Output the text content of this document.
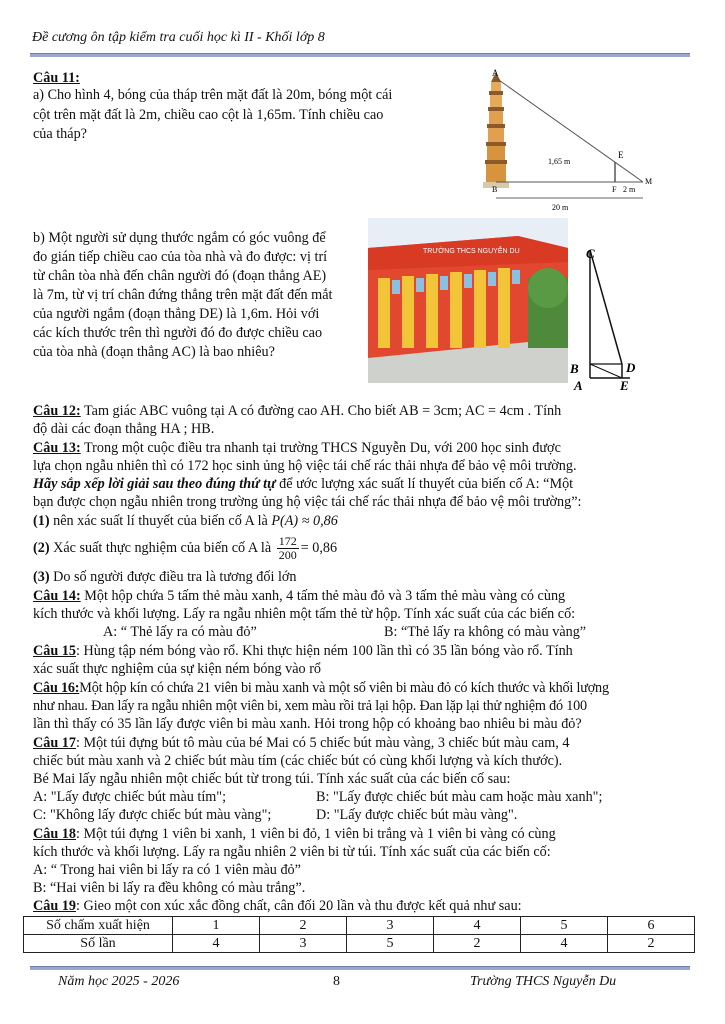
Đề cương ôn tập kiểm tra cuối học kì II - Khối lớp 8
Câu 11:
a) Cho hình 4, bóng của tháp trên mặt đất là 20m, bóng một cái
cột trên mặt đất là 2m, chiều cao cột là 1,65m. Tính chiều cao
của tháp?
A
E
1,65 m
B	F 2 m
M
20 m
b) Một người sử dụng thước ngắm có góc vuông để
đo gián tiếp chiều cao của tòa nhà và đo được: vị trí
từ chân tòa nhà đến chân người đó (đoạn thẳng AE)
là 7m, từ vị trí chân đứng thẳng trên mặt đất đến mắt
của người ngắm (đoạn thẳng DE) là 1,6m. Hỏi với
các kích thước trên thì người đó đo được chiều cao
của tòa nhà (đoạn thẳng AC) là bao nhiêu?
TRƯỜNG THCS NGUYỄN DU	C
B	D
A	E
Câu 12: Tam giác ABC vuông tại A có đường cao AH. Cho biết AB = 3cm; AC = 4cm . Tính
độ dài các đoạn thẳng HA ; HB.
Câu 13: Trong một cuộc điều tra nhanh tại trường THCS Nguyễn Du, với 200 học sinh được
lựa chọn ngẫu nhiên thì có 172 học sinh ủng hộ việc tái chế rác thải nhựa để bảo vệ môi trường.
Hãy sắp xếp lời giải sau theo đúng thứ tự để ước lượng xác suất lí thuyết của biến cố A: “Một
bạn được chọn ngẫu nhiên trong trường ủng hộ việc tái chế rác thải nhựa để bảo vệ môi trường”:
(1) nên xác suất lí thuyết của biến cố A là P(A) ≈ 0,86
(2) Xác suất thực nghiệm của biến cố A là $\frac{172}{200} = 0,86$
(3) Do số người được điều tra là tương đối lớn
Câu 14: Một hộp chứa 5 tấm thẻ màu xanh, 4 tấm thẻ màu đỏ và 3 tấm thẻ màu vàng có cùng
kích thước và khối lượng. Lấy ra ngẫu nhiên một tấm thẻ từ hộp. Tính xác suất của các biến cố:
A: “ Thẻ lấy ra có màu đỏ”	B: “Thẻ lấy ra không có màu vàng”
Câu 15: Hùng tập ném bóng vào rổ. Khi thực hiện ném 100 lần thì có 35 lần bóng vào rổ. Tính
xác suất thực nghiệm của sự kiện ném bóng vào rổ
Câu 16:Một hộp kín có chứa 21 viên bi màu xanh và một số viên bi màu đỏ có kích thước và khối lượng
như nhau. Đan lấy ra ngẫu nhiên một viên bi, xem màu rồi trả lại hộp. Đan lặp lại thử nghiệm đó 100
lần thì thấy có 35 lần lấy được viên bi màu xanh. Hỏi trong hộp có khoảng bao nhiêu bi màu đỏ?
Câu 17: Một túi đựng bút tô màu của bé Mai có 5 chiếc bút màu vàng, 3 chiếc bút màu cam, 4
chiếc bút màu xanh và 2 chiếc bút màu tím (các chiếc bút có cùng khối lượng và kích thước).
Bé Mai lấy ngẫu nhiên một chiếc bút từ trong túi. Tính xác suất của các biến cố sau:
A: "Lấy được chiếc bút màu tím";	B: "Lấy được chiếc bút màu cam hoặc màu xanh";
C: "Không lấy được chiếc bút màu vàng";	D: "Lấy được chiếc bút màu vàng".
Câu 18: Một túi đựng 1 viên bi xanh, 1 viên bi đỏ, 1 viên bi trắng và 1 viên bi vàng có cùng
kích thước và khối lượng. Lấy ra ngẫu nhiên 2 viên bi từ túi. Tính xác suất của các biến cố:
A: “ Trong hai viên bi lấy ra có 1 viên màu đỏ”
B: “Hai viên bi lấy ra đều không có màu trắng”.
Câu 19: Gieo một con xúc xắc đồng chất, cân đối 20 lần và thu được kết quả như sau:
Số chấm xuất hiện	1	2	3	4	5	6
Số lần	4	3	5	2	4	2
Năm học 2025 - 2026	8	Trường THCS Nguyễn Du
